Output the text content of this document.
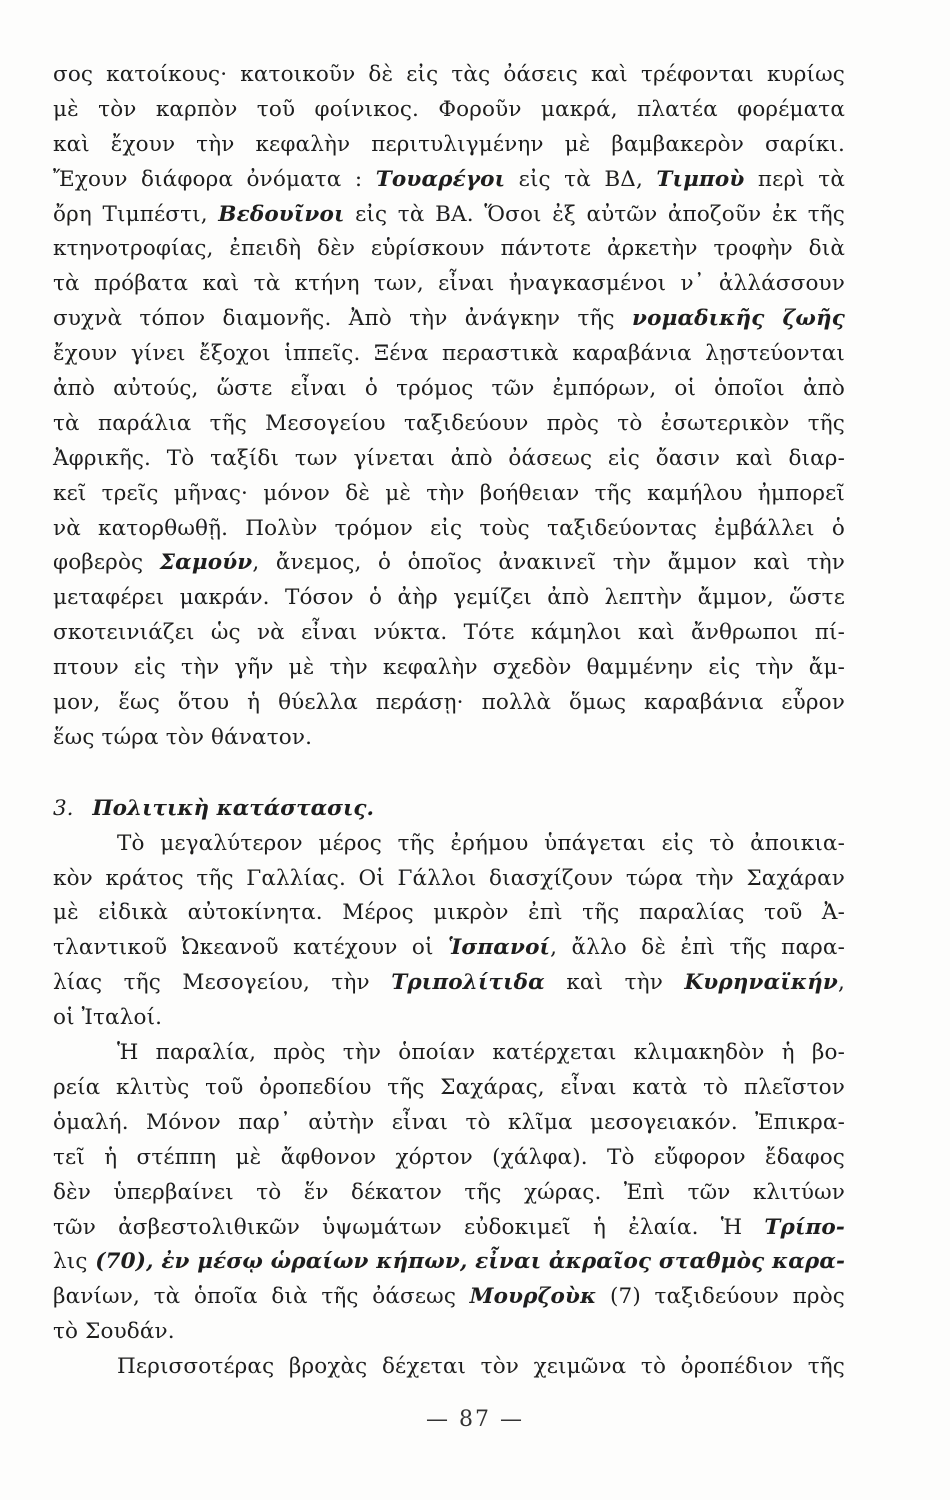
σος κατοίκους· κατοικοῦν δὲ εἰς τὰς ὀάσεις καὶ τρέφονται κυρίως
μὲ τὸν καρπὸν τοῦ φοίνικος. Φοροῦν μακρά, πλατέα φορέματα
καὶ ἔχουν τὴν κεφαλὴν περιτυλιγμένην μὲ βαμβακερὸν σαρίκι.
Ἔχουν διάφορα ὀνόματα : Τουαρέγοι εἰς τὰ ΒΔ, Τιμποὺ περὶ τὰ
ὄρη Τιμπέστι, Βεδουῖνοι εἰς τὰ ΒΑ. Ὅσοι ἐξ αὐτῶν ἀποζοῦν ἐκ τῆς
κτηνοτροφίας, ἐπειδὴ δὲν εὑρίσκουν πάντοτε ἀρκετὴν τροφὴν διὰ
τὰ πρόβατα καὶ τὰ κτήνη των, εἶναι ἠναγκασμένοι ν᾽ ἀλλάσσουν
συχνὰ τόπον διαμονῆς. Ἀπὸ τὴν ἀνάγκην τῆς νομαδικῆς ζωῆς
ἔχουν γίνει ἔξοχοι ἱππεῖς. Ξένα περαστικὰ καραβάνια λῃστεύονται
ἀπὸ αὐτούς, ὥστε εἶναι ὁ τρόμος τῶν ἐμπόρων, οἱ ὁποῖοι ἀπὸ
τὰ παράλια τῆς Μεσογείου ταξιδεύουν πρὸς τὸ ἐσωτερικὸν τῆς
Ἀφρικῆς. Τὸ ταξίδι των γίνεται ἀπὸ ὀάσεως εἰς ὄασιν καὶ διαρ-
κεῖ τρεῖς μῆνας· μόνον δὲ μὲ τὴν βοήθειαν τῆς καμήλου ἠμπορεῖ
νὰ κατορθωθῇ. Πολὺν τρόμον εἰς τοὺς ταξιδεύοντας ἐμβάλλει ὁ
φοβερὸς Σαμούν, ἄνεμος, ὁ ὁποῖος ἀνακινεῖ τὴν ἄμμον καὶ τὴν
μεταφέρει μακράν. Τόσον ὁ ἀὴρ γεμίζει ἀπὸ λεπτὴν ἄμμον, ὥστε
σκοτεινιάζει ὡς νὰ εἶναι νύκτα. Τότε κάμηλοι καὶ ἄνθρωποι πί-
πτουν εἰς τὴν γῆν μὲ τὴν κεφαλὴν σχεδὸν θαμμένην εἰς τὴν ἄμ-
μον, ἕως ὅτου ἡ θύελλα περάσῃ· πολλὰ ὅμως καραβάνια εὗρον
ἕως τώρα τὸν θάνατον.
3. Πολιτικὴ κατάστασις.
Τὸ μεγαλύτερον μέρος τῆς ἐρήμου ὑπάγεται εἰς τὸ ἀποικια-
κὸν κράτος τῆς Γαλλίας. Οἱ Γάλλοι διασχίζουν τώρα τὴν Σαχάραν
μὲ εἰδικὰ αὐτοκίνητα. Μέρος μικρὸν ἐπὶ τῆς παραλίας τοῦ Ἀ-
τλαντικοῦ Ὠκεανοῦ κατέχουν οἱ Ἱσπανοί, ἄλλο δὲ ἐπὶ τῆς παρα-
λίας τῆς Μεσογείου, τὴν Τριπολίτιδα καὶ τὴν Κυρηναϊκήν,
οἱ Ἰταλοί.
Ἡ παραλία, πρὸς τὴν ὁποίαν κατέρχεται κλιμακηδὸν ἡ βο-
ρεία κλιτὺς τοῦ ὀροπεδίου τῆς Σαχάρας, εἶναι κατὰ τὸ πλεῖστον
ὁμαλή. Μόνον παρ᾽ αὐτὴν εἶναι τὸ κλῖμα μεσογειακόν. Ἐπικρα-
τεῖ ἡ στέππη μὲ ἄφθονον χόρτον (χάλφα). Τὸ εὔφορον ἔδαφος
δὲν ὑπερβαίνει τὸ ἕν δέκατον τῆς χώρας. Ἐπὶ τῶν κλιτύων
τῶν ἀσβεστολιθικῶν ὑψωμάτων εὐδοκιμεῖ ἡ ἐλαία. Ἡ Τρίπο-
λις (70), ἐν μέσῳ ὡραίων κήπων, εἶναι ἀκραῖος σταθμὸς καρα-
βανίων, τὰ ὁποῖα διὰ τῆς ὀάσεως Μουρζοὺκ (7) ταξιδεύουν πρὸς
τὸ Σουδάν.
Περισσοτέρας βροχὰς δέχεται τὸν χειμῶνα τὸ ὀροπέδιον τῆς
— 87 —
